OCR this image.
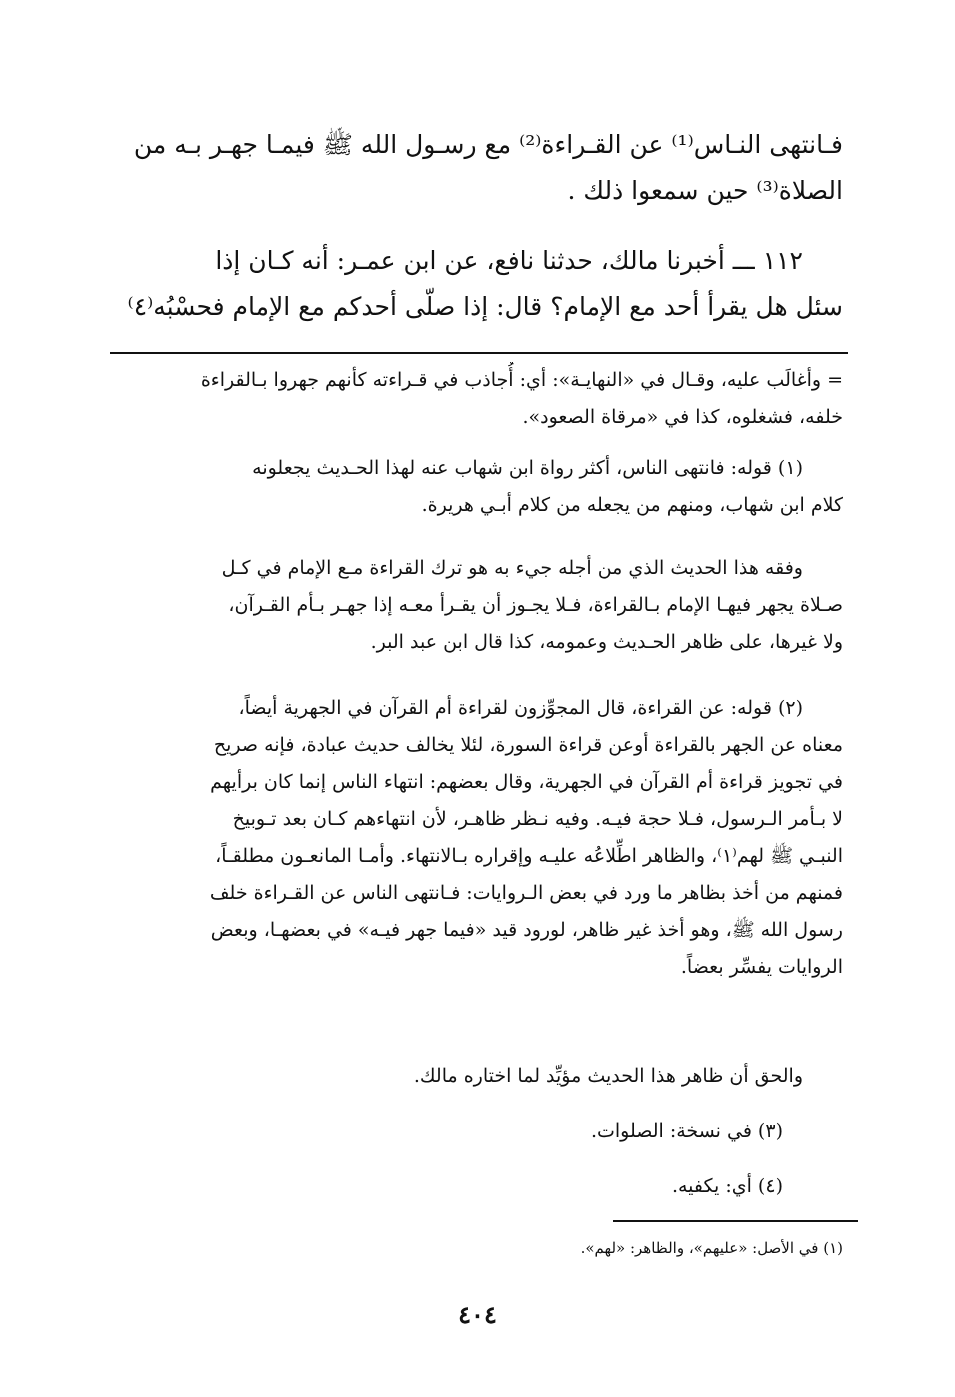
فـانتهى النـاس⁽¹⁾ عن القـراءة⁽²⁾ مع رسـول الله ﷺ فيمـا جهـر بـه من
الصلاة⁽³⁾ حين سمعوا ذلك .
١١٢ ـــ أخبرنا مالك، حدثنا نافع، عن ابن عمـر: أنه كـان إذا
سئل هل يقرأ أحد مع الإمام؟ قال: إذا صلّى أحدكم مع الإمام فحسْبُه⁽٤⁾
= وأغالَب عليه، وقـال في «النهايـة»: أي: أُجاذب في قـراءته كأنهم جهروا بـالقراءة
خلفه، فشغلوه، كذا في «مرقاة الصعود».
(١) قوله: فانتهى الناس، أكثر رواة ابن شهاب عنه لهذا الحـديث يجعلونه
كلام ابن شهاب، ومنهم من يجعله من كلام أبـي هريرة.
وفقه هذا الحديث الذي من أجله جيء به هو ترك القراءة مـع الإمام في كـل
صـلاة يجهر فيهـا الإمام بـالقراءة، فـلا يجـوز أن يقـرأ معـه إذا جهـر بـأم القـرآن،
ولا غيرها، على ظاهر الحـديث وعمومه، كذا قال ابن عبد البر.
(٢) قوله: عن القراءة، قال المجوِّزون لقراءة أم القرآن في الجهرية أيضاً،
معناه عن الجهر بالقراءة أوعن قراءة السورة، لئلا يخالف حديث عبادة، فإنه صريح
في تجويز قراءة أم القرآن في الجهرية، وقال بعضهم: انتهاء الناس إنما كان برأيهم
لا بـأمر الـرسول، فـلا حجة فيـه. وفيه نـظر ظاهـر، لأن انتهاءهم كـان بعد تـوبيخ
النبـي ﷺ لهم⁽١⁾، والظاهر اطِّلاعُه عليـه وإقراره بـالانتهاء. وأمـا المانعـون مطلقـاً،
فمنهم من أخذ بظاهر ما ورد في بعض الـروايات: فـانتهى الناس عن القـراءة خلف
رسول الله ﷺ، وهو أخذ غير ظاهر، لورود قيد «فيما جهر فيـه» في بعضهـا، وبعض
الروايات يفسِّر بعضاً.
والحق أن ظاهر هذا الحديث مؤيِّد لما اختاره مالك.
(٣) في نسخة: الصلوات.
(٤) أي: يكفيه.
(١) في الأصل: «عليهم»، والظاهر: «لهم».
٤٠٤
